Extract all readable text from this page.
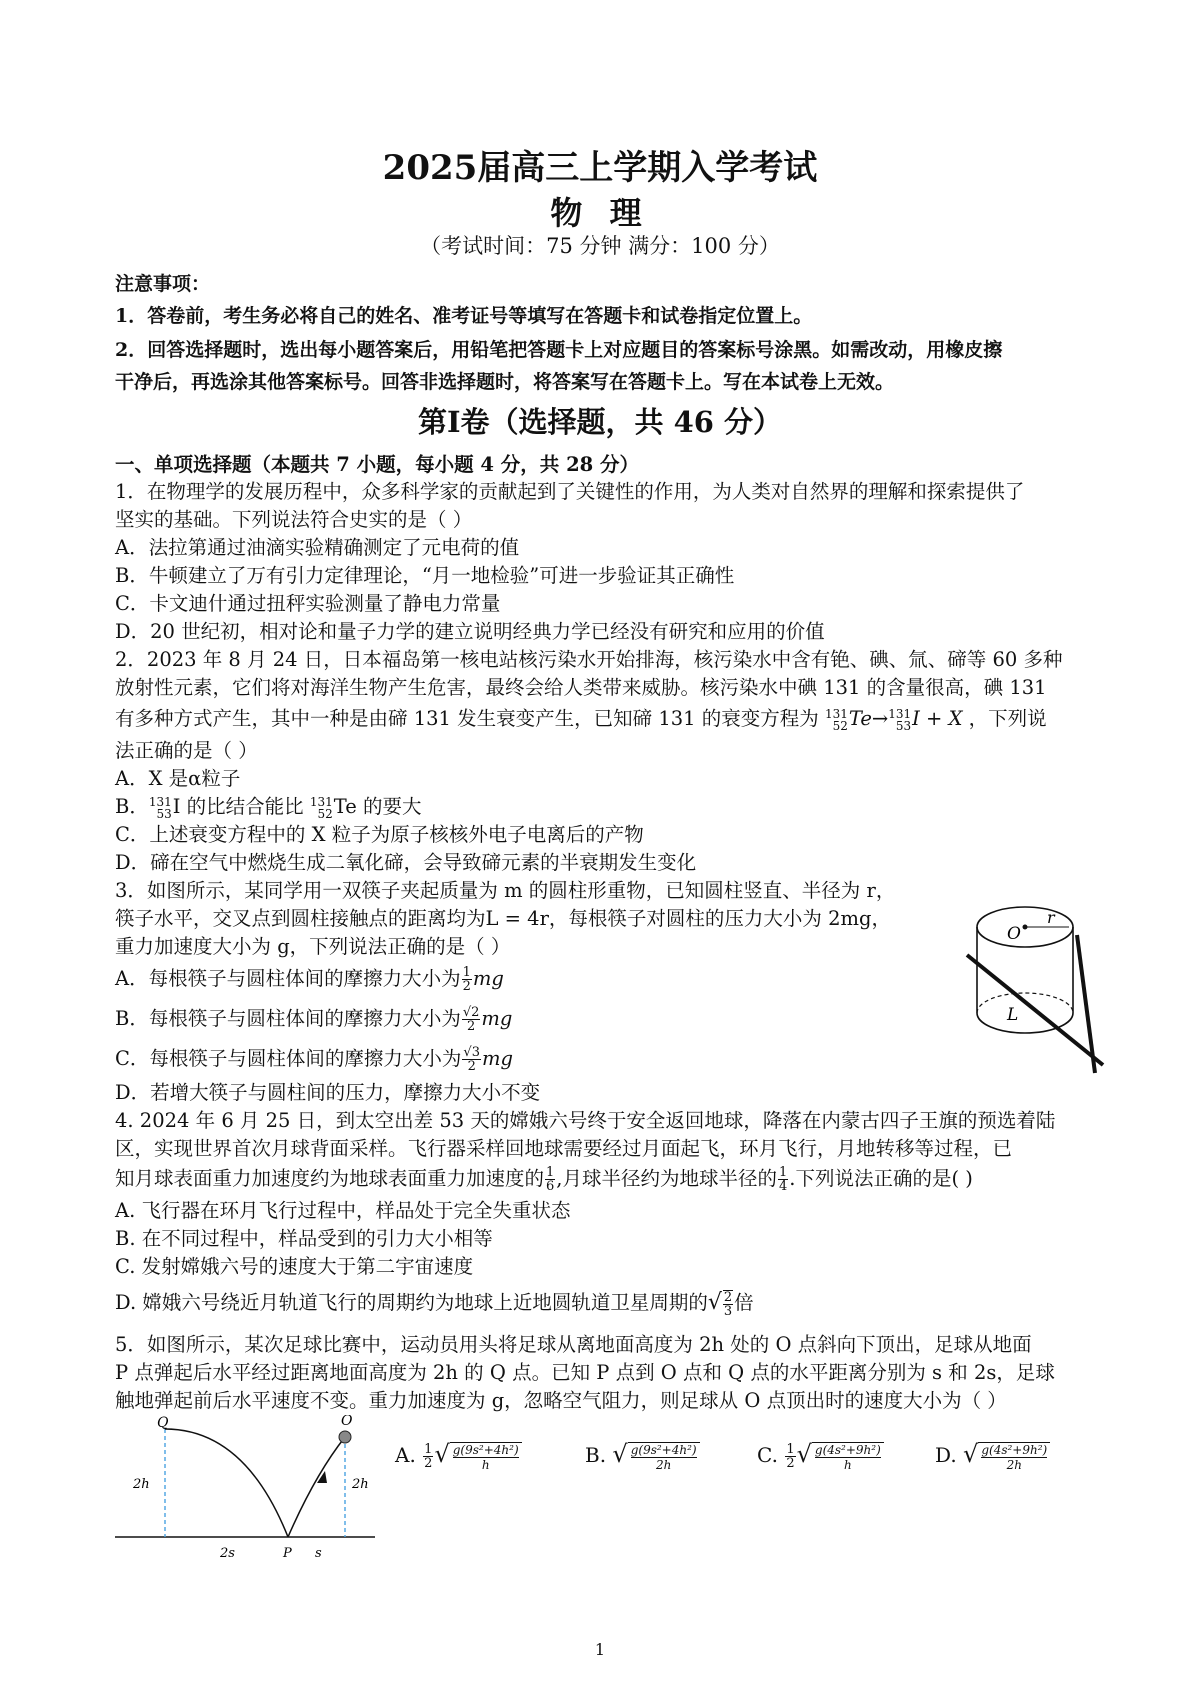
2025届高三上学期入学考试
物 理
（考试时间：75 分钟 满分：100 分）
注意事项：
1．答卷前，考生务必将自己的姓名、准考证号等填写在答题卡和试卷指定位置上。
2．回答选择题时，选出每小题答案后，用铅笔把答题卡上对应题目的答案标号涂黑。如需改动，用橡皮擦
干净后，再选涂其他答案标号。回答非选择题时，将答案写在答题卡上。写在本试卷上无效。
第Ⅰ卷（选择题，共 46 分）
一、单项选择题（本题共 7 小题，每小题 4 分，共 28 分）
1．在物理学的发展历程中，众多科学家的贡献起到了关键性的作用，为人类对自然界的理解和探索提供了
坚实的基础。下列说法符合史实的是（ ）
A．法拉第通过油滴实验精确测定了元电荷的值
B．牛顿建立了万有引力定律理论，“月一地检验”可进一步验证其正确性
C．卡文迪什通过扭秤实验测量了静电力常量
D．20 世纪初，相对论和量子力学的建立说明经典力学已经没有研究和应用的价值
2．2023 年 8 月 24 日，日本福岛第一核电站核污染水开始排海，核污染水中含有铯、碘、氚、碲等 60 多种
放射性元素，它们将对海洋生物产生危害，最终会给人类带来威胁。核污染水中碘 131 的含量很高，碘 131
有多种方式产生，其中一种是由碲 131 发生衰变产生，已知碲 131 的衰变方程为 131
52 Te→ 131
53 I + X ，下列说
法正确的是（ ）
A．X 是α粒子
B． 131
53 I 的比结合能比 131
52 Te 的要大
C．上述衰变方程中的 X 粒子为原子核核外电子电离后的产物
D．碲在空气中燃烧生成二氧化碲，会导致碲元素的半衰期发生变化
3．如图所示，某同学用一双筷子夹起质量为 m 的圆柱形重物，已知圆柱竖直、半径为 r，
筷子水平，交叉点到圆柱接触点的距离均为L = 4r，每根筷子对圆柱的压力大小为 2mg，
重力加速度大小为 g，下列说法正确的是（ ）
A．每根筷子与圆柱体间的摩擦力大小为 $\frac{1}{2}$ mg
B．每根筷子与圆柱体间的摩擦力大小为 $\frac{√2}{2}$ mg
C．每根筷子与圆柱体间的摩擦力大小为 $\frac{√3}{2}$ mg
D．若增大筷子与圆柱间的压力，摩擦力大小不变
O
r
L
4. 2024 年 6 月 25 日，到太空出差 53 天的嫦娥六号终于安全返回地球，降落在内蒙古四子王旗的预选着陆
区，实现世界首次月球背面采样。飞行器采样回地球需要经过月面起飞，环月飞行，月地转移等过程，已
知月球表面重力加速度约为地球表面重力加速度的 $\frac{1}{6}$ ,月球半径约为地球半径的 $\frac{1}{4}$ .下列说法正确的是( )
A. 飞行器在环月飞行过程中，样品处于完全失重状态
B. 在不同过程中，样品受到的引力大小相等
C. 发射嫦娥六号的速度大于第二宇宙速度
D. 嫦娥六号绕近月轨道飞行的周期约为地球上近地圆轨道卫星周期的√ $\frac{2}{3}$ 倍
5．如图所示，某次足球比赛中，运动员用头将足球从离地面高度为 2h 处的 O 点斜向下顶出，足球从地面
P 点弹起后水平经过距离地面高度为 2h 的 Q 点。已知 P 点到 O 点和 Q 点的水平距离分别为 s 和 2s，足球
触地弹起前后水平速度不变。重力加速度为 g，忽略空气阻力，则足球从 O 点顶出时的速度大小为（ ）
Q	O
2h	2h
2s	P s
A. $\frac{1}{2}$ √ $\frac{\text{g(9s²+4h²)}}{h}$	B. √ $\frac{\text{g(9s²+4h²)}}{2h}$	C. $\frac{1}{2}$ √ $\frac{\text{g(4s²+9h²)}}{h}$	D. √ $\frac{\text{g(4s²+9h²)}}{2h}$
1
